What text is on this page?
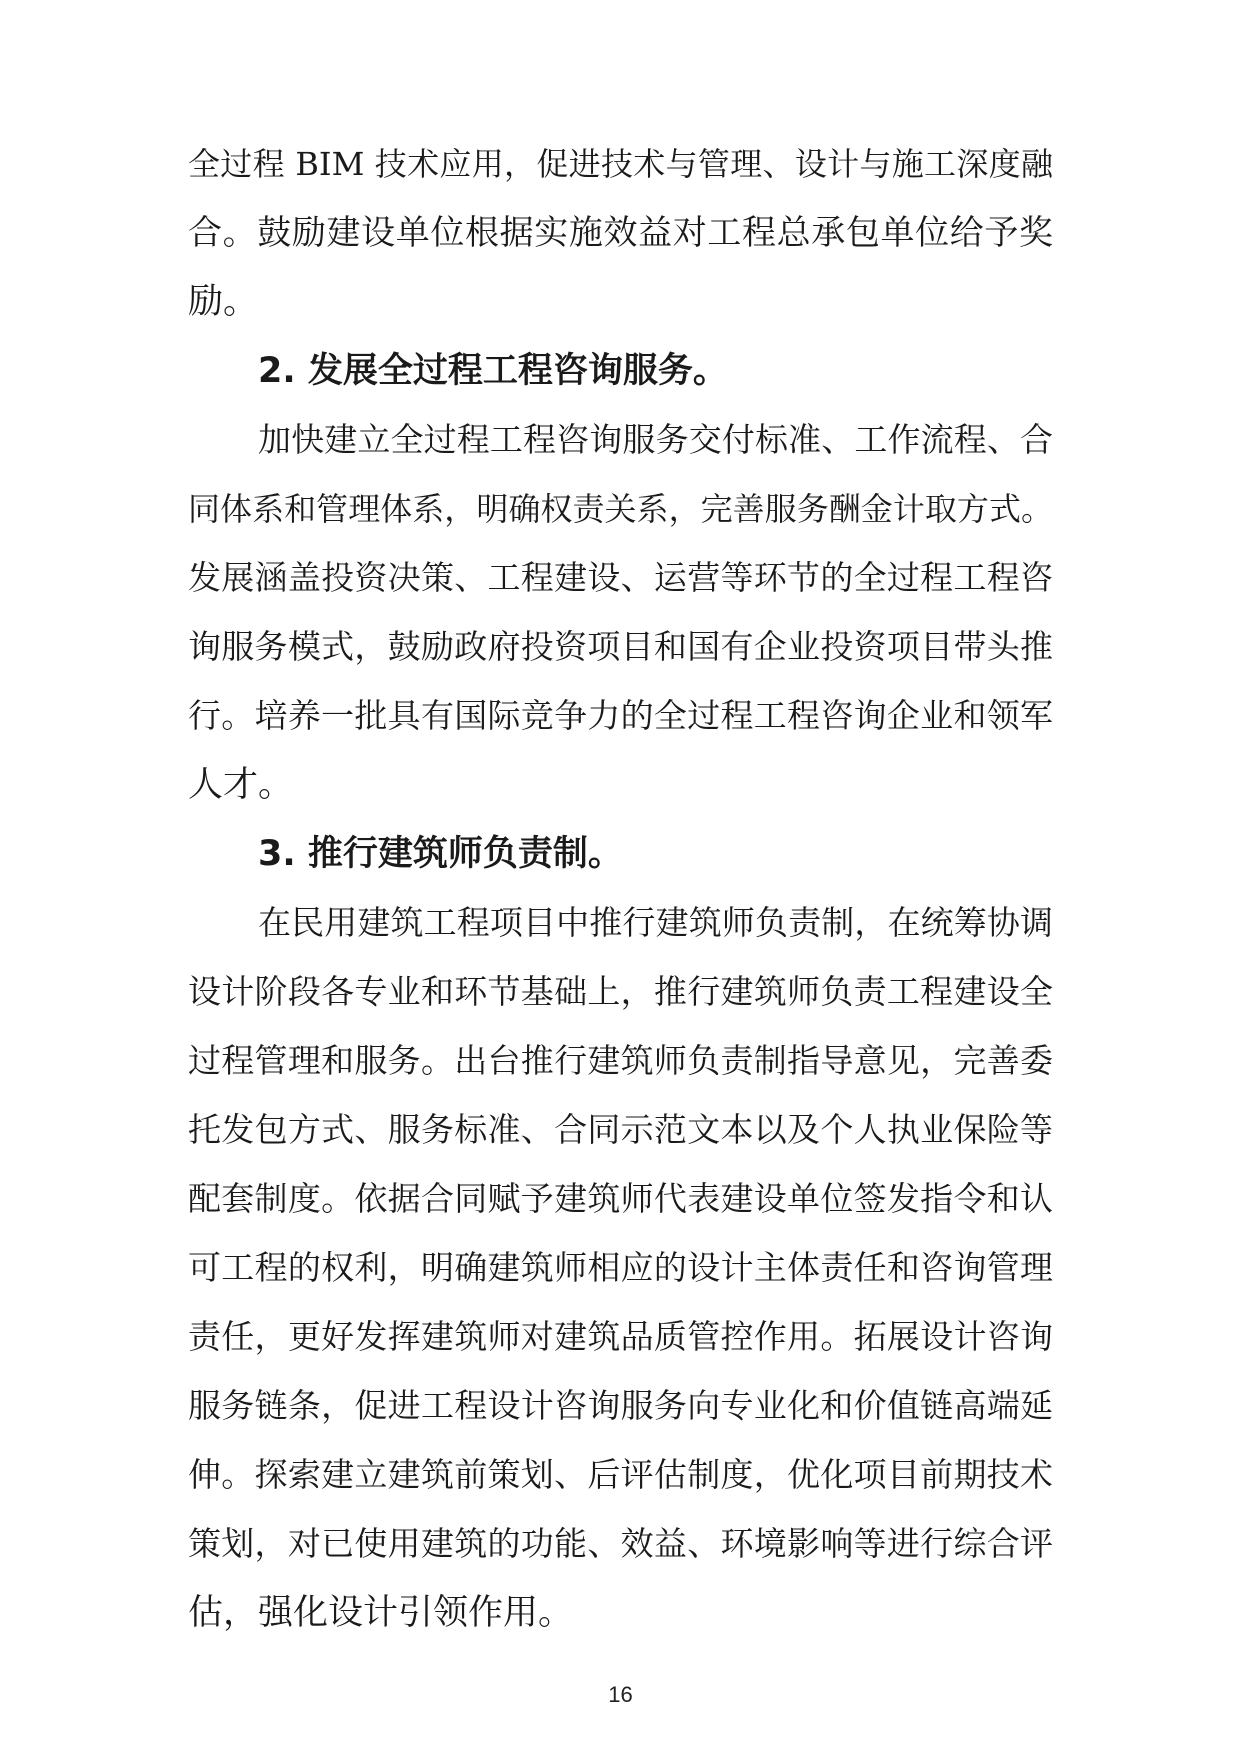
全过程 BIM 技术应用，促进技术与管理、设计与施工深度融
合。鼓励建设单位根据实施效益对工程总承包单位给予奖
励。
2. 发展全过程工程咨询服务。
加快建立全过程工程咨询服务交付标准、工作流程、合
同体系和管理体系，明确权责关系，完善服务酬金计取方式。
发展涵盖投资决策、工程建设、运营等环节的全过程工程咨
询服务模式，鼓励政府投资项目和国有企业投资项目带头推
行。培养一批具有国际竞争力的全过程工程咨询企业和领军
人才。
3. 推行建筑师负责制。
在民用建筑工程项目中推行建筑师负责制，在统筹协调
设计阶段各专业和环节基础上，推行建筑师负责工程建设全
过程管理和服务。出台推行建筑师负责制指导意见，完善委
托发包方式、服务标准、合同示范文本以及个人执业保险等
配套制度。依据合同赋予建筑师代表建设单位签发指令和认
可工程的权利，明确建筑师相应的设计主体责任和咨询管理
责任，更好发挥建筑师对建筑品质管控作用。拓展设计咨询
服务链条，促进工程设计咨询服务向专业化和价值链高端延
伸。探索建立建筑前策划、后评估制度，优化项目前期技术
策划，对已使用建筑的功能、效益、环境影响等进行综合评
估，强化设计引领作用。
16
